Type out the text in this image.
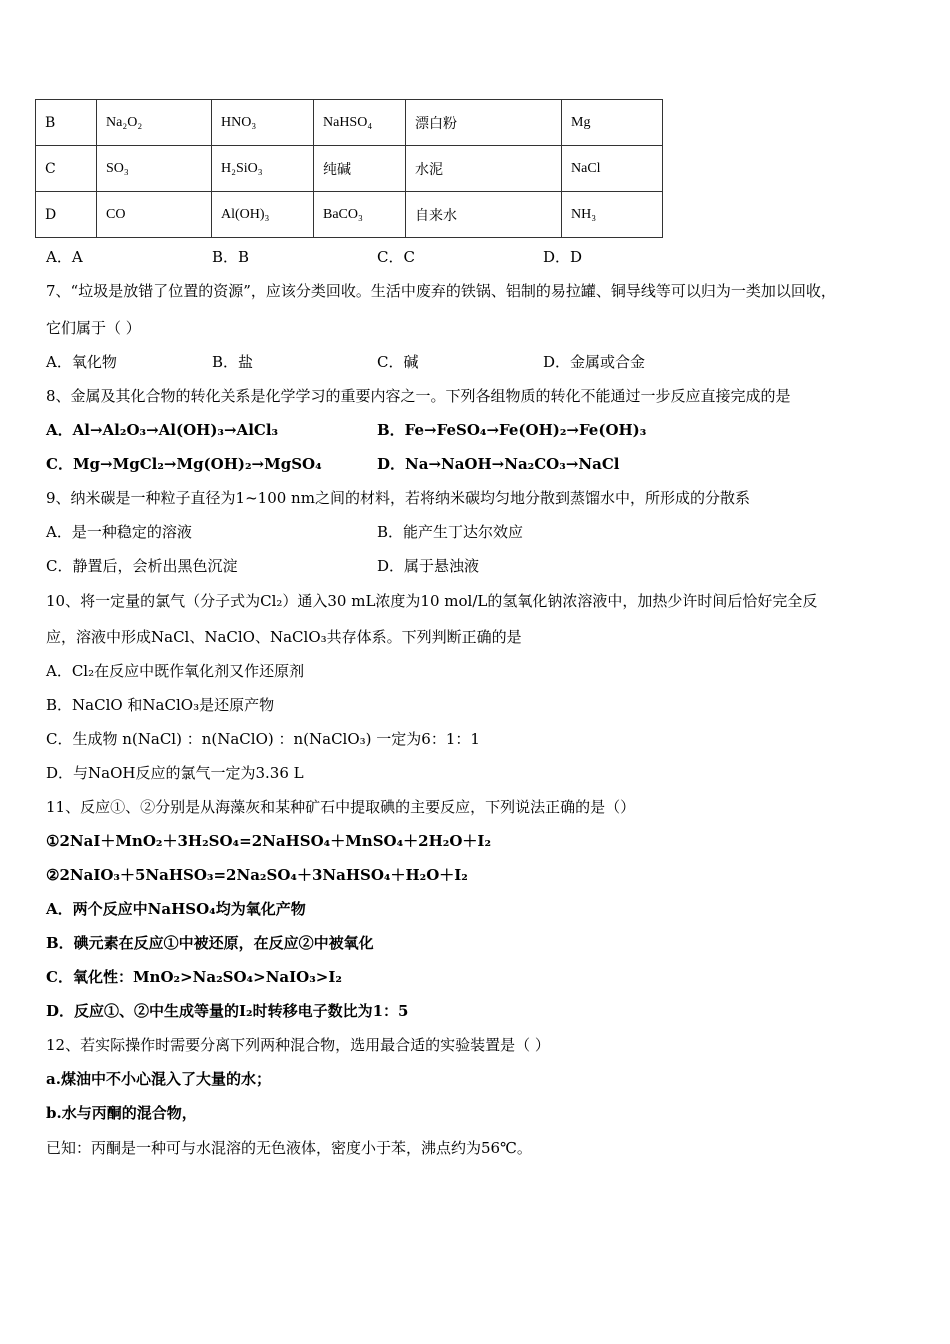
B	Na₂O₂	HNO₃	NaHSO₄	漂白粉	Mg
C	SO₃	H₂SiO₃	纯碱	水泥	NaCl
D	CO	Al(OH)₃	BaCO₃	自来水	NH₃
A．A	B．B	C．C	D．D
7、“垃圾是放错了位置的资源”，应该分类回收。生活中废弃的铁锅、铝制的易拉罐、铜导线等可以归为一类加以回收，
它们属于（ ）
A．氧化物	B．盐	C．碱	D．金属或合金
8、金属及其化合物的转化关系是化学学习的重要内容之一。下列各组物质的转化不能通过一步反应直接完成的是
A．Al→Al₂O₃→Al(OH)₃→AlCl₃	B．Fe→FeSO₄→Fe(OH)₂→Fe(OH)₃
C．Mg→MgCl₂→Mg(OH)₂→MgSO₄	D．Na→NaOH→Na₂CO₃→NaCl
9、纳米碳是一种粒子直径为1~100 nm之间的材料，若将纳米碳均匀地分散到蒸馏水中，所形成的分散系
A．是一种稳定的溶液	B．能产生丁达尔效应
C．静置后，会析出黑色沉淀	D．属于悬浊液
10、将一定量的氯气（分子式为Cl₂）通入30 mL浓度为10 mol/L的氢氧化钠浓溶液中，加热少许时间后恰好完全反
应，溶液中形成NaCl、NaClO、NaClO₃共存体系。下列判断正确的是
A．Cl₂在反应中既作氧化剂又作还原剂
B．NaClO 和NaClO₃是还原产物
C．生成物 n(NaCl) ：n(NaClO) ：n(NaClO₃) 一定为6：1：1
D．与NaOH反应的氯气一定为3.36 L
11、反应①、②分别是从海藻灰和某种矿石中提取碘的主要反应，下列说法正确的是（）
①2NaI＋MnO₂＋3H₂SO₄=2NaHSO₄＋MnSO₄＋2H₂O＋I₂
②2NaIO₃＋5NaHSO₃=2Na₂SO₄＋3NaHSO₄＋H₂O＋I₂
A．两个反应中NaHSO₄均为氧化产物
B．碘元素在反应①中被还原，在反应②中被氧化
C．氧化性：MnO₂>Na₂SO₄>NaIO₃>I₂
D．反应①、②中生成等量的I₂时转移电子数比为1：5
12、若实际操作时需要分离下列两种混合物，选用最合适的实验装置是（ ）
a.煤油中不小心混入了大量的水；
b.水与丙酮的混合物，
已知：丙酮是一种可与水混溶的无色液体，密度小于苯，沸点约为56℃。
